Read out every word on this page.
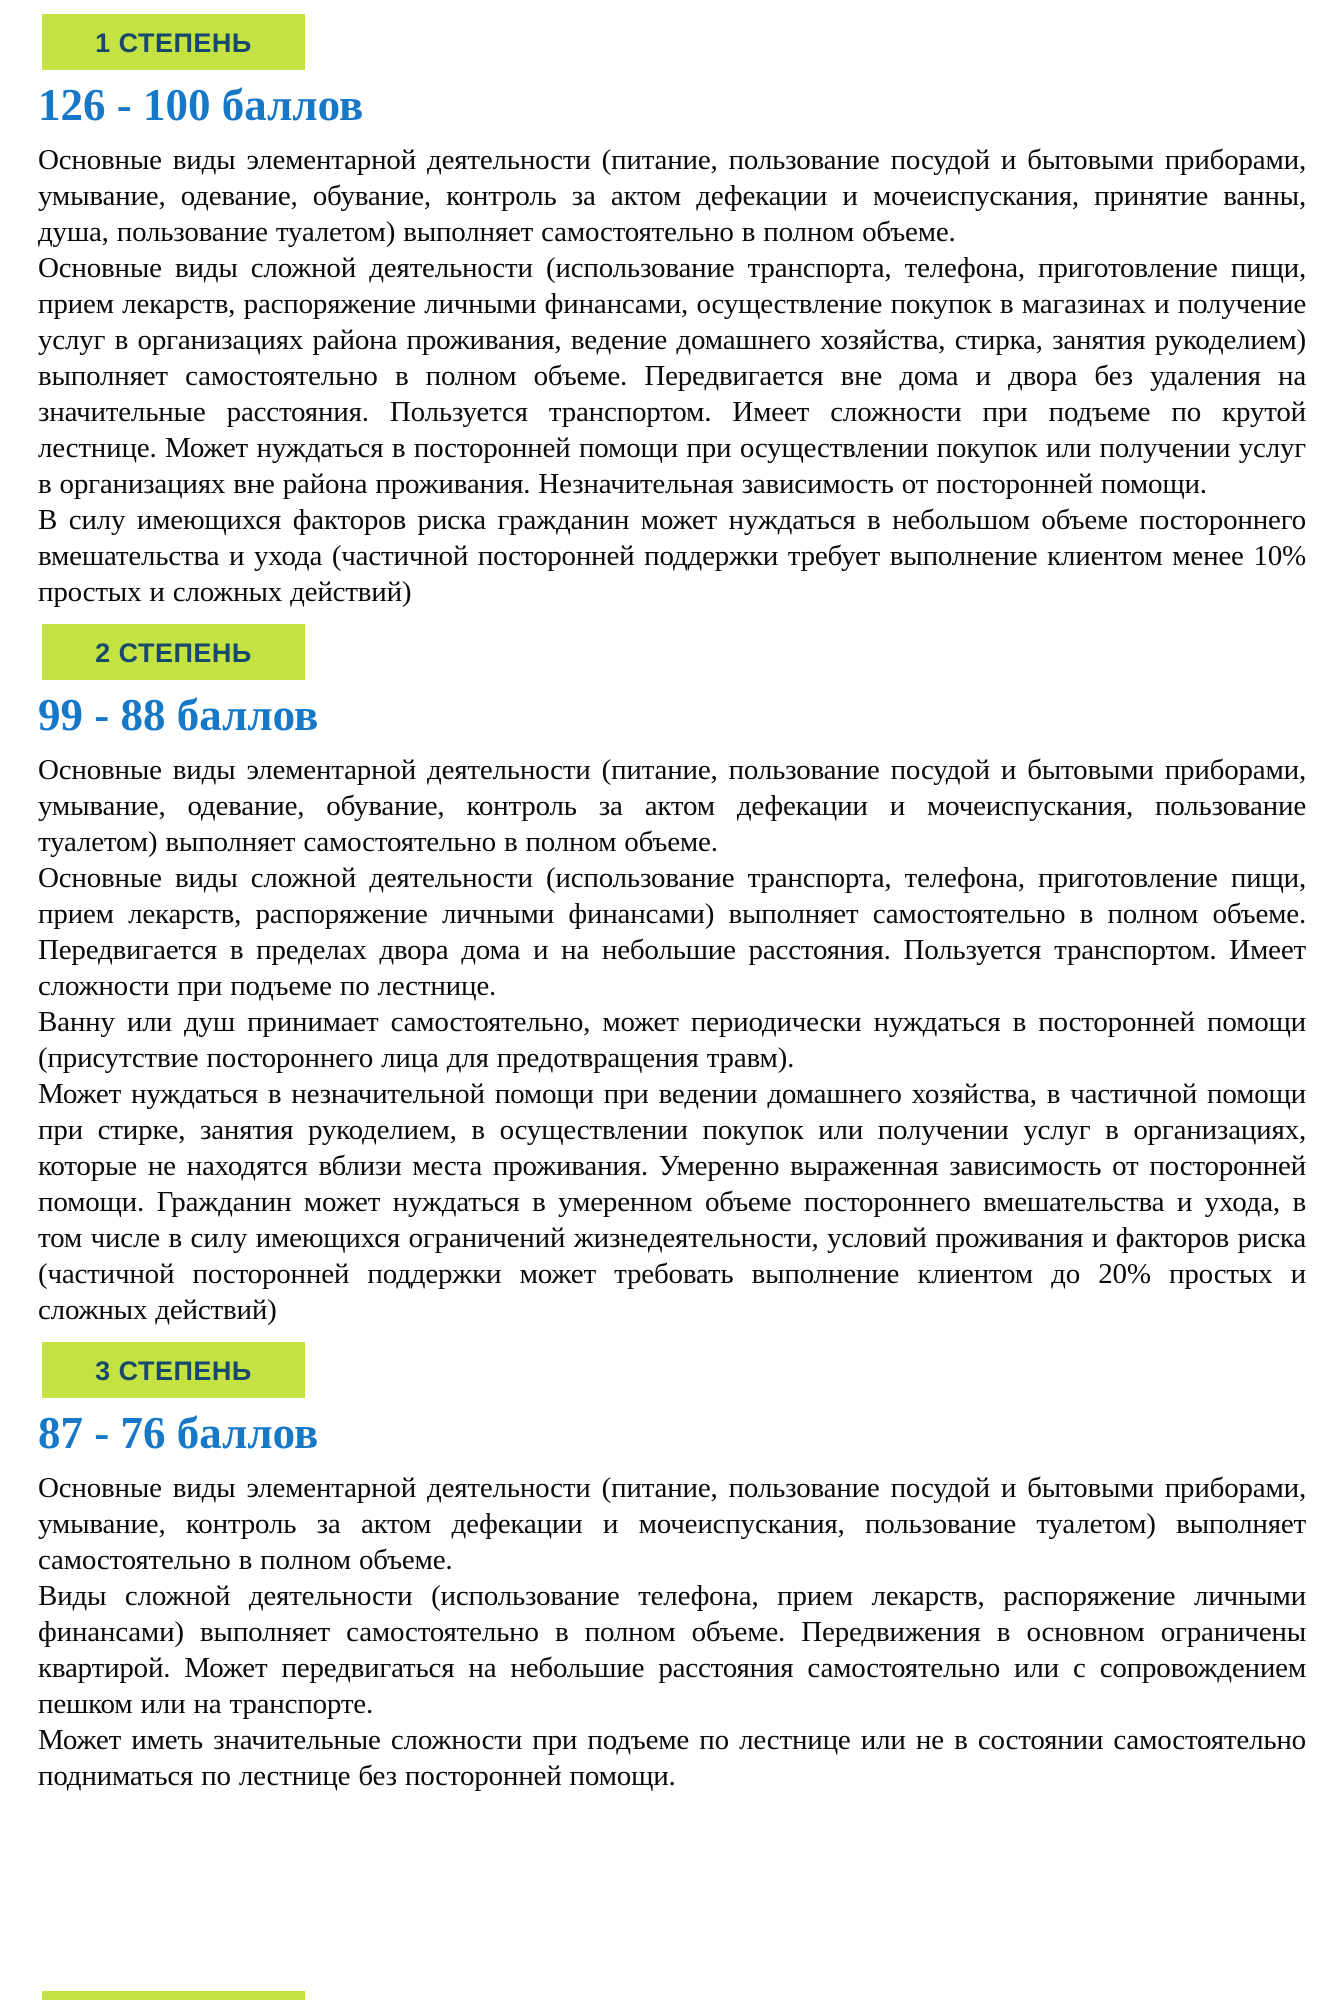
1 СТЕПЕНЬ
126 - 100 баллов

Основные виды элементарной деятельности (питание, пользование посудой и бытовыми приборами, умывание, одевание, обувание, контроль за актом дефекации и мочеиспускания, принятие ванны, душа, пользование туалетом) выполняет самостоятельно в полном объеме.

Основные виды сложной деятельности (использование транспорта, телефона, приготовление пищи, прием лекарств, распоряжение личными финансами, осуществление покупок в магазинах и получение услуг в организациях района проживания, ведение домашнего хозяйства, стирка, занятия рукоделием) выполняет самостоятельно в полном объеме. Передвигается вне дома и двора без удаления на значительные расстояния. Пользуется транспортом. Имеет сложности при подъеме по крутой лестнице. Может нуждаться в посторонней помощи при осуществлении покупок или получении услуг в организациях вне района проживания. Незначительная зависимость от посторонней помощи.

В силу имеющихся факторов риска гражданин может нуждаться в небольшом объеме постороннего вмешательства и ухода (частичной посторонней поддержки требует выполнение клиентом менее 10% простых и сложных действий)

2 СТЕПЕНЬ
99 - 88 баллов

Основные виды элементарной деятельности (питание, пользование посудой и бытовыми приборами, умывание, одевание, обувание, контроль за актом дефекации и мочеиспускания, пользование туалетом) выполняет самостоятельно в полном объеме.

Основные виды сложной деятельности (использование транспорта, телефона, приготовление пищи, прием лекарств, распоряжение личными финансами) выполняет самостоятельно в полном объеме. Передвигается в пределах двора дома и на небольшие расстояния. Пользуется транспортом. Имеет сложности при подъеме по лестнице.

Ванну или душ принимает самостоятельно, может периодически нуждаться в посторонней помощи (присутствие постороннего лица для предотвращения травм).

Может нуждаться в незначительной помощи при ведении домашнего хозяйства, в частичной помощи при стирке, занятия рукоделием, в осуществлении покупок или получении услуг в организациях, которые не находятся вблизи места проживания. Умеренно выраженная зависимость от посторонней помощи. Гражданин может нуждаться в умеренном объеме постороннего вмешательства и ухода, в том числе в силу имеющихся ограничений жизнедеятельности, условий проживания и факторов риска (частичной посторонней поддержки может требовать выполнение клиентом до 20% простых и сложных действий)

3 СТЕПЕНЬ
87 - 76 баллов

Основные виды элементарной деятельности (питание, пользование посудой и бытовыми приборами, умывание, контроль за актом дефекации и мочеиспускания, пользование туалетом) выполняет самостоятельно в полном объеме.

Виды сложной деятельности (использование телефона, прием лекарств, распоряжение личными финансами) выполняет самостоятельно в полном объеме. Передвижения в основном ограничены квартирой. Может передвигаться на небольшие расстояния самостоятельно или с сопровождением пешком или на транспорте.

Может иметь значительные сложности при подъеме по лестнице или не в состоянии самостоятельно подниматься по лестнице без посторонней помощи.
